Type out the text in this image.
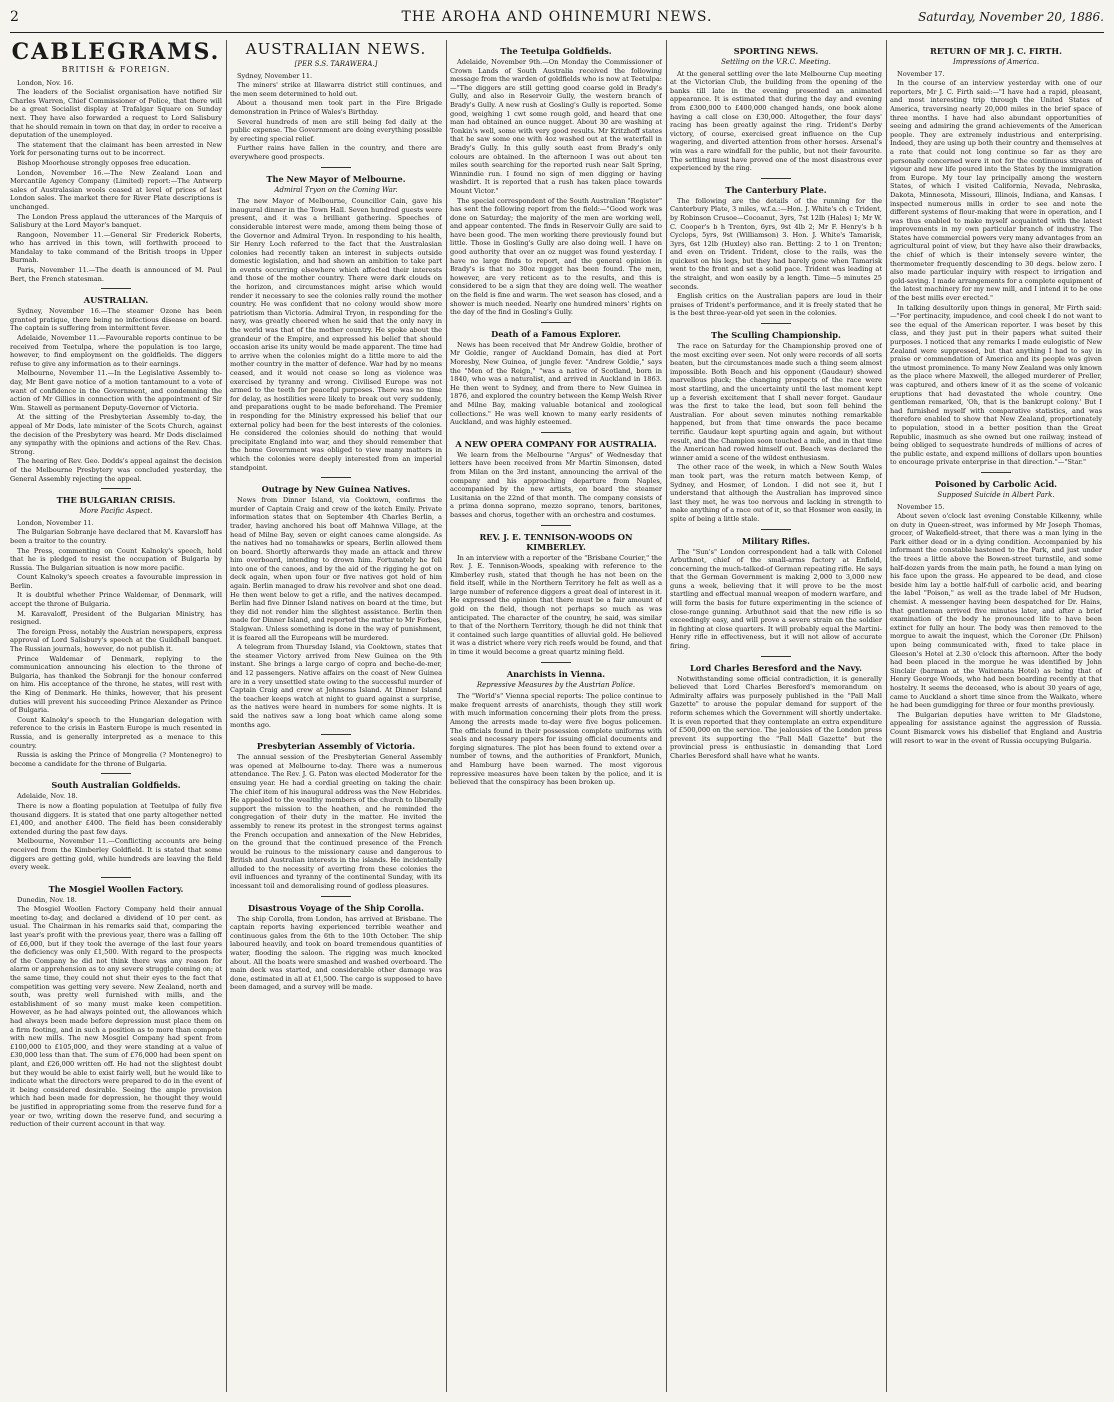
2	THE AROHA AND OHINEMURI NEWS.	Saturday, November 20, 1886.
CABLEGRAMS.
BRITISH & FOREIGN.

London, Nov. 16.

The leaders of the Socialist organisation have notified Sir Charles Warren, Chief Commissioner of Police, that there will be a great Socialist display at Trafalgar Square on Sunday next. They have also forwarded a request to Lord Salisbury that he should remain in town on that day, in order to receive a deputation of the unemployed.

The statement that the claimant has been arrested in New York for personating turns out to be incorrect.

Bishop Moorhouse strongly opposes free education.

London, November 16.—The New Zealand Loan and Mercantile Agency Company (Limited) report:—The Antwerp sales of Australasian wools ceased at level of prices of last London sales. The market there for River Plate descriptions is unchanged.

The London Press applaud the utterances of the Marquis of Salisbury at the Lord Mayor's banquet.

Rangoon, November 11.—General Sir Frederick Roberts, who has arrived in this town, will forthwith proceed to Mandalay to take command of the British troops in Upper Burmah.

Paris, November 11.—The death is announced of M. Paul Bert, the French statesman.

AUSTRALIAN.

Sydney, November 16.—The steamer Ozone has been granted pratique, there being no infectious disease on board. The captain is suffering from intermittent fever.

Adelaide, November 11.—Favourable reports continue to be received from Teetulpa, where the population is too large, however, to find employment on the goldfields. The diggers refuse to give any information as to their earnings.

Melbourne, November 11.—In the Legislative Assembly to-day, Mr Bent gave notice of a motion tantamount to a vote of want of confidence in the Government, and condemning the action of Mr Gillies in connection with the appointment of Sir Wm. Stawell as permanent Deputy-Governor of Victoria.

At the sitting of the Presbyterian Assembly to-day, the appeal of Mr Dods, late minister of the Scots Church, against the decision of the Presbytery was heard. Mr Dods disclaimed any sympathy with the opinions and actions of the Rev. Chas. Strong.

The hearing of Rev. Geo. Dodds's appeal against the decision of the Melbourne Presbytery was concluded yesterday, the General Assembly rejecting the appeal.

THE BULGARIAN CRISIS.
More Pacific Aspect.

London, November 11.

The Bulgarian Sobranje have declared that M. Kavarsloff has been a traitor to the country.

The Press, commenting on Count Kalnoky's speech, hold that he is pledged to resist the occupation of Bulgaria by Russia. The Bulgarian situation is now more pacific.

Count Kalnoky's speech creates a favourable impression in Berlin.

It is doubtful whether Prince Waldemar, of Denmark, will accept the throne of Bulgaria.

M. Karavaloff, President of the Bulgarian Ministry, has resigned.

The foreign Press, notably the Austrian newspapers, express approval of Lord Salisbury's speech at the Guildhall banquet. The Russian journals, however, do not publish it.

Prince Waldemar of Denmark, replying to the communication announcing his election to the throne of Bulgaria, has thanked the Sobranji for the honour conferred on him. His acceptance of the throne, he states, will rest with the King of Denmark. He thinks, however, that his present duties will prevent his succeeding Prince Alexander as Prince of Bulgaria.

Count Kalnoky's speech to the Hungarian delegation with reference to the crisis in Eastern Europe is much resented in Russia, and is generally interpreted as a menace to this country.

Russia is asking the Prince of Mongrelia (? Montenegro) to become a candidate for the throne of Bulgaria.

South Australian Goldfields.

Adelaide, Nov. 18.

There is now a floating population at Teetulpa of fully five thousand diggers. It is stated that one party altogether netted £1,400, and another £400. The field has been considerably extended during the past few days.

Melbourne, November 11.—Conflicting accounts are being received from the Kimberley Goldfield. It is stated that some diggers are getting gold, while hundreds are leaving the field every week.

The Mosgiel Woollen Factory.

Dunedin, Nov. 18.

The Mosgiel Woollen Factory Company held their annual meeting to-day, and declared a dividend of 10 per cent. as usual. The Chairman in his remarks said that, comparing the last year's profit with the previous year, there was a falling off of £6,000, but if they took the average of the last four years the deficiency was only £1,500. With regard to the prospects of the Company he did not think there was any reason for alarm or apprehension as to any severe struggle coming on; at the same time, they could not shut their eyes to the fact that competition was getting very severe. New Zealand, north and south, was pretty well furnished with mills, and the establishment of so many must make keen competition. However, as he had always pointed out, the allowances which had always been made before depression must place them on a firm footing, and in such a position as to more than compete with new mills. The new Mosgiel Company had spent from £100,000 to £105,000, and they were standing at a value of £30,000 less than that. The sum of £76,000 had been spent on plant, and £26,000 written off. He had not the slightest doubt but they would be able to exist fairly well, but he would like to indicate what the directors were prepared to do in the event of it being considered desirable. Seeing the ample provision which had been made for depression, he thought they would be justified in appropriating some from the reserve fund for a year or two, writing down the reserve fund, and securing a reduction of their current account in that way.

AUSTRALIAN NEWS.
[PER S.S. TARAWERA.]

Sydney, November 11.

The miners' strike at Illawarra district still continues, and the men seem determined to hold out.

About a thousand men took part in the Fire Brigade demonstration in Prince of Wales's Birthday.

Several hundreds of men are still being fed daily at the public expense. The Government are doing everything possible by erecting special relief.

Further rains have fallen in the country, and there are everywhere good prospects.

The New Mayor of Melbourne.
Admiral Tryon on the Coming War.

The new Mayor of Melbourne, Councillor Cain, gave his inaugural dinner in the Town Hall. Seven hundred guests were present, and it was a brilliant gathering. Speeches of considerable interest were made, among them being those of the Governor and Admiral Tryon. In responding to his health, Sir Henry Loch referred to the fact that the Australasian colonies had recently taken an interest in subjects outside domestic legislation, and had shown an ambition to take part in events occurring elsewhere which affected their interests and those of the mother country. There were dark clouds on the horizon, and circumstances might arise which would render it necessary to see the colonies rally round the mother country. He was confident that no colony would show more patriotism than Victoria. Admiral Tryon, in responding for the navy, was greatly cheered when he said that the only navy in the world was that of the mother country. He spoke about the grandeur of the Empire, and expressed his belief that should occasion arise its unity would be made apparent. The time had to arrive when the colonies might do a little more to aid the mother country in the matter of defence. War had by no means ceased, and it would not cease so long as violence was exercised by tyranny and wrong. Civilised Europe was not armed to the teeth for peaceful purposes. There was no time for delay, as hostilities were likely to break out very suddenly, and preparations ought to be made beforehand. The Premier in responding for the Ministry expressed his belief that our external policy had been for the best interests of the colonies. He considered the colonies should do nothing that would precipitate England into war, and they should remember that the home Government was obliged to view many matters in which the colonies were deeply interested from an imperial standpoint.

Outrage by New Guinea Natives.

News from Dinner Island, via Cooktown, confirms the murder of Captain Craig and crew of the ketch Emily. Private information states that on September 4th Charles Berlin, a trader, having anchored his boat off Mahnwa Village, at the head of Milne Bay, seven or eight canoes came alongside. As the natives had no tomahawks or spears, Berlin allowed them on board. Shortly afterwards they made an attack and threw him overboard, intending to drown him. Fortunately he fell into one of the canoes, and by the aid of the rigging he got on deck again, when upon four or five natives got hold of him again. Berlin managed to draw his revolver and shot one dead. He then went below to get a rifle, and the natives decamped. Berlin had five Dinner Island natives on board at the time, but they did not render him the slightest assistance. Berlin then made for Dinner Island, and reported the matter to Mr Forbes, Stalgwan. Unless something is done in the way of punishment, it is feared all the Europeans will be murdered.

A telegram from Thursday Island, via Cooktown, states that the steamer Victory arrived from New Guinea on the 9th instant. She brings a large cargo of copra and beche-de-mer, and 12 passengers. Native affairs on the coast of New Guinea are in a very unsettled state owing to the successful murder of Captain Craig and crew at Johnsons Island. At Dinner Island the teacher keeps watch at night to guard against a surprise, as the natives were heard in numbers for some nights. It is said the natives saw a long boat which came along some months ago.

Presbyterian Assembly of Victoria.

The annual session of the Presbyterian General Assembly was opened at Melbourne to-day. There was a numerous attendance. The Rev. J. G. Paton was elected Moderator for the ensuing year. He had a cordial greeting on taking the chair. The chief item of his inaugural address was the New Hebrides. He appealed to the wealthy members of the church to liberally support the mission to the heathen, and he reminded the congregation of their duty in the matter. He invited the assembly to renew its protest in the strongest terms against the French occupation and annexation of the New Hebrides, on the ground that the continued presence of the French would be ruinous to the missionary cause and dangerous to British and Australian interests in the islands. He incidentally alluded to the necessity of averting from these colonies the evil influences and tyranny of the continental Sunday, with its incessant toil and demoralising round of godless pleasures.

Disastrous Voyage of the Ship Corolla.

The ship Corolla, from London, has arrived at Brisbane. The captain reports having experienced terrible weather and continuous gales from the 6th to the 10th October. The ship laboured heavily, and took on board tremendous quantities of water, flooding the saloon. The rigging was much knocked about. All the boats were smashed and washed overboard. The main deck was started, and considerable other damage was done, estimated in all at £1,500. The cargo is supposed to have been damaged, and a survey will be made.

The Teetulpa Goldfields.

Adelaide, November 9th.—On Monday the Commissioner of Crown Lands of South Australia received the following message from the warden of goldfields who is now at Teetulpa:—"The diggers are still getting good coarse gold in Brady's Gully, and also in Reservoir Gully, the western branch of Brady's Gully. A new rush at Gosling's Gully is reported. Some good, weighing 1 cwt some rough gold, and heard that one man had obtained an ounce nugget. About 30 are washing at Tonkin's well, some with very good results. Mr Kritzhoff states that he saw some one with 4oz washed out at the waterfall in Brady's Gully. In this gully south east from Brady's only colours are obtained. In the afternoon I was out about ten miles south searching for the reported rush near Salt Spring, Winnindie run. I found no sign of men digging or having washdirt. It is reported that a rush has taken place towards Mount Victor."

The special correspondent of the South Australian "Register" has sent the following report from the field:—"Good work was done on Saturday; the majority of the men are working well, and appear contented. The finds in Reservoir Gully are said to have been good. The men working there previously found but little. Those in Gosling's Gully are also doing well. I have on good authority that over an oz nugget was found yesterday. I have no large finds to report, and the general opinion in Brady's is that no 30oz nugget has been found. The men, however, are very reticent as to the results, and this is considered to be a sign that they are doing well. The weather on the field is fine and warm. The wet season has closed, and a shower is much needed. Nearly one hundred miners' rights on the day of the find in Gosling's Gully.

Death of a Famous Explorer.

News has been received that Mr Andrew Goldie, brother of Mr Goldie, ranger of Auckland Domain, has died at Port Moresby, New Guinea, of jungle fever. "Andrew Goldie," says the "Men of the Reign," "was a native of Scotland, born in 1840, who was a naturalist, and arrived in Auckland in 1863. He then went to Sydney, and from there to New Guinea in 1876, and explored the country between the Kemp Welsh River and Milne Bay, making valuable botanical and zoological collections." He was well known to many early residents of Auckland, and was highly esteemed.

A NEW OPERA COMPANY FOR AUSTRALIA.

We learn from the Melbourne "Argus" of Wednesday that letters have been received from Mr Martin Simonsen, dated from Milan on the 3rd instant, announcing the arrival of the company and his approaching departure from Naples, accompanied by the new artists, on board the steamer Lusitania on the 22nd of that month. The company consists of a prima donna soprano, mezzo soprano, tenors, baritones, basses and chorus, together with an orchestra and costumes.

REV. J. E. TENNISON-WOODS ON KIMBERLEY.

In an interview with a reporter of the "Brisbane Courier," the Rev. J. E. Tennison-Woods, speaking with reference to the Kimberley rush, stated that though he has not been on the field itself, while in the Northern Territory he felt as well as a large number of reference diggers a great deal of interest in it. He expressed the opinion that there must be a fair amount of gold on the field, though not perhaps so much as was anticipated. The character of the country, he said, was similar to that of the Northern Territory, though he did not think that it contained such large quantities of alluvial gold. He believed it was a district where very rich reefs would be found, and that in time it would become a great quartz mining field.

Anarchists in Vienna.
Repressive Measures by the Austrian Police.

The "World's" Vienna special reports: The police continue to make frequent arrests of anarchists, though they still work with much information concerning their plots from the press. Among the arrests made to-day were five bogus policemen. The officials found in their possession complete uniforms with seals and necessary papers for issuing official documents and forging signatures. The plot has been found to extend over a number of towns, and the authorities of Frankfort, Munich, and Hamburg have been warned. The most vigorous repressive measures have been taken by the police, and it is believed that the conspiracy has been broken up.

SPORTING NEWS.
Settling on the V.R.C. Meeting.

At the general settling over the late Melbourne Cup meeting at the Victorian Club, the building from the opening of the banks till late in the evening presented an animated appearance. It is estimated that during the day and evening from £300,000 to £400,000 changed hands, one book alone having a call close on £30,000. Altogether, the four days' racing has been greatly against the ring. Trident's Derby victory, of course, exercised great influence on the Cup wagering, and diverted attention from other horses. Arsenal's win was a rare windfall for the public, but not their favourite. The settling must have proved one of the most disastrous ever experienced by the ring.

The Canterbury Plate.

The following are the details of the running for the Canterbury Plate, 3 miles, w.f.a.:—Hon. J. White's ch c Trident, by Robinson Crusoe—Cocoanut, 3yrs, 7st 12lb (Hales) 1; Mr W. C. Cooper's b h Trenton, 6yrs, 9st 4lb 2; Mr F. Henry's b h Cyclops, 5yrs, 9st (Williamson) 3. Hon. J. White's Tamarisk, 3yrs, 6st 12lb (Huxley) also ran. Betting: 2 to 1 on Trenton; and even on Trident. Trident, close to the rails, was the quickest on his legs, but they had barely gone when Tamarisk went to the front and set a solid pace. Trident was leading at the straight, and won easily by a length. Time—5 minutes 25 seconds.

English critics on the Australian papers are loud in their praises of Trident's performance, and it is freely stated that he is the best three-year-old yet seen in the colonies.

The Sculling Championship.

The race on Saturday for the Championship proved one of the most exciting ever seen. Not only were records of all sorts beaten, but the circumstances made such a thing seem almost impossible. Both Beach and his opponent (Gaudaur) showed marvellous pluck; the changing prospects of the race were most startling, and the uncertainty until the last moment kept up a feverish excitement that I shall never forget. Gaudaur was the first to take the lead, but soon fell behind the Australian. For about seven minutes nothing remarkable happened, but from that time onwards the pace became terrific. Gaudaur kept spurting again and again, but without result, and the Champion soon touched a mile, and in that time the American had rowed himself out. Beach was declared the winner amid a scene of the wildest enthusiasm.

The other race of the week, in which a New South Wales man took part, was the return match between Kemp, of Sydney, and Hosmer, of London. I did not see it, but I understand that although the Australian has improved since last they met, he was too nervous and lacking in strength to make anything of a race out of it, so that Hosmer won easily, in spite of being a little stale.

Military Rifles.

The "Sun's" London correspondent had a talk with Colonel Arbuthnot, chief of the small-arms factory at Enfield, concerning the much-talked-of German repeating rifle. He says that the German Government is making 2,000 to 3,000 new guns a week, believing that it will prove to be the most startling and effectual manual weapon of modern warfare, and will form the basis for future experimenting in the science of close-range gunning. Arbuthnot said that the new rifle is so exceedingly easy, and will prove a severe strain on the soldier in fighting at close quarters. It will probably equal the Martini-Henry rifle in effectiveness, but it will not allow of accurate firing.

Lord Charles Beresford and the Navy.

Notwithstanding some official contradiction, it is generally believed that Lord Charles Beresford's memorandum on Admiralty affairs was purposely published in the "Pall Mall Gazette" to arouse the popular demand for support of the reform schemes which the Government will shortly undertake. It is even reported that they contemplate an extra expenditure of £500,000 on the service. The jealousies of the London press prevent its supporting the "Pall Mall Gazette" but the provincial press is enthusiastic in demanding that Lord Charles Beresford shall have what he wants.

RETURN OF MR J. C. FIRTH.
Impressions of America.

November 17.

In the course of an interview yesterday with one of our reporters, Mr J. C. Firth said:—"I have had a rapid, pleasant, and most interesting trip through the United States of America, traversing nearly 20,000 miles in the brief space of three months. I have had also abundant opportunities of seeing and admiring the grand achievements of the American people. They are extremely industrious and enterprising. Indeed, they are using up both their country and themselves at a rate that could not long continue so far as they are personally concerned were it not for the continuous stream of vigour and new life poured into the States by the immigration from Europe. My tour lay principally among the western States, of which I visited California, Nevada, Nebraska, Dakota, Minnesota, Missouri, Illinois, Indiana, and Kansas. I inspected numerous mills in order to see and note the different systems of flour-making that were in operation, and I was thus enabled to make myself acquainted with the latest improvements in my own particular branch of industry. The States have commercial powers very many advantages from an agricultural point of view, but they have also their drawbacks, the chief of which is their intensely severe winter, the thermometer frequently descending to 30 degs. below zero. I also made particular inquiry with respect to irrigation and gold-saving. I made arrangements for a complete equipment of the latest machinery for my new mill, and I intend it to be one of the best mills ever erected."

In talking desultorily upon things in general, Mr Firth said:—"For pertinacity, impudence, and cool cheek I do not want to see the equal of the American reporter. I was beset by this class, and they just put in their papers what suited their purposes. I noticed that any remarks I made eulogistic of New Zealand were suppressed, but that anything I had to say in praise or commendation of America and its people was given the utmost prominence. To many New Zealand was only known as the place where Maxwell, the alleged murderer of Preller, was captured, and others knew of it as the scene of volcanic eruptions that had devastated the whole country. One gentleman remarked, 'Oh, that is the bankrupt colony.' But I had furnished myself with comparative statistics, and was therefore enabled to show that New Zealand, proportionately to population, stood in a better position than the Great Republic, inasmuch as she owned but one railway, instead of being obliged to sequestrate hundreds of millions of acres of the public estate, and expend millions of dollars upon bounties to encourage private enterprise in that direction."—"Star."

Poisoned by Carbolic Acid.
Supposed Suicide in Albert Park.

November 15.

About seven o'clock last evening Constable Kilkenny, while on duty in Queen-street, was informed by Mr Joseph Thomas, grocer, of Wakefield-street, that there was a man lying in the Park either dead or in a dying condition. Accompanied by his informant the constable hastened to the Park, and just under the trees a little above the Bowen-street turnstile, and some half-dozen yards from the main path, he found a man lying on his face upon the grass. He appeared to be dead, and close beside him lay a bottle half-full of carbolic acid, and bearing the label "Poison," as well as the trade label of Mr Hudson, chemist. A messenger having been despatched for Dr. Hains, that gentleman arrived five minutes later, and after a brief examination of the body he pronounced life to have been extinct for fully an hour. The body was then removed to the morgue to await the inquest, which the Coroner (Dr. Philson) upon being communicated with, fixed to take place in Gleeson's Hotel at 2.30 o'clock this afternoon. After the body had been placed in the morgue he was identified by John Sinclair (barman at the Waitemata Hotel) as being that of Henry George Woods, who had been boarding recently at that hostelry. It seems the deceased, who is about 30 years of age, came to Auckland a short time since from the Waikato, where he had been gumdigging for three or four months previously.

The Bulgarian deputies have written to Mr Gladstone, appealing for assistance against the aggression of Russia. Count Bismarck vows his disbelief that England and Austria will resort to war in the event of Russia occupying Bulgaria.
